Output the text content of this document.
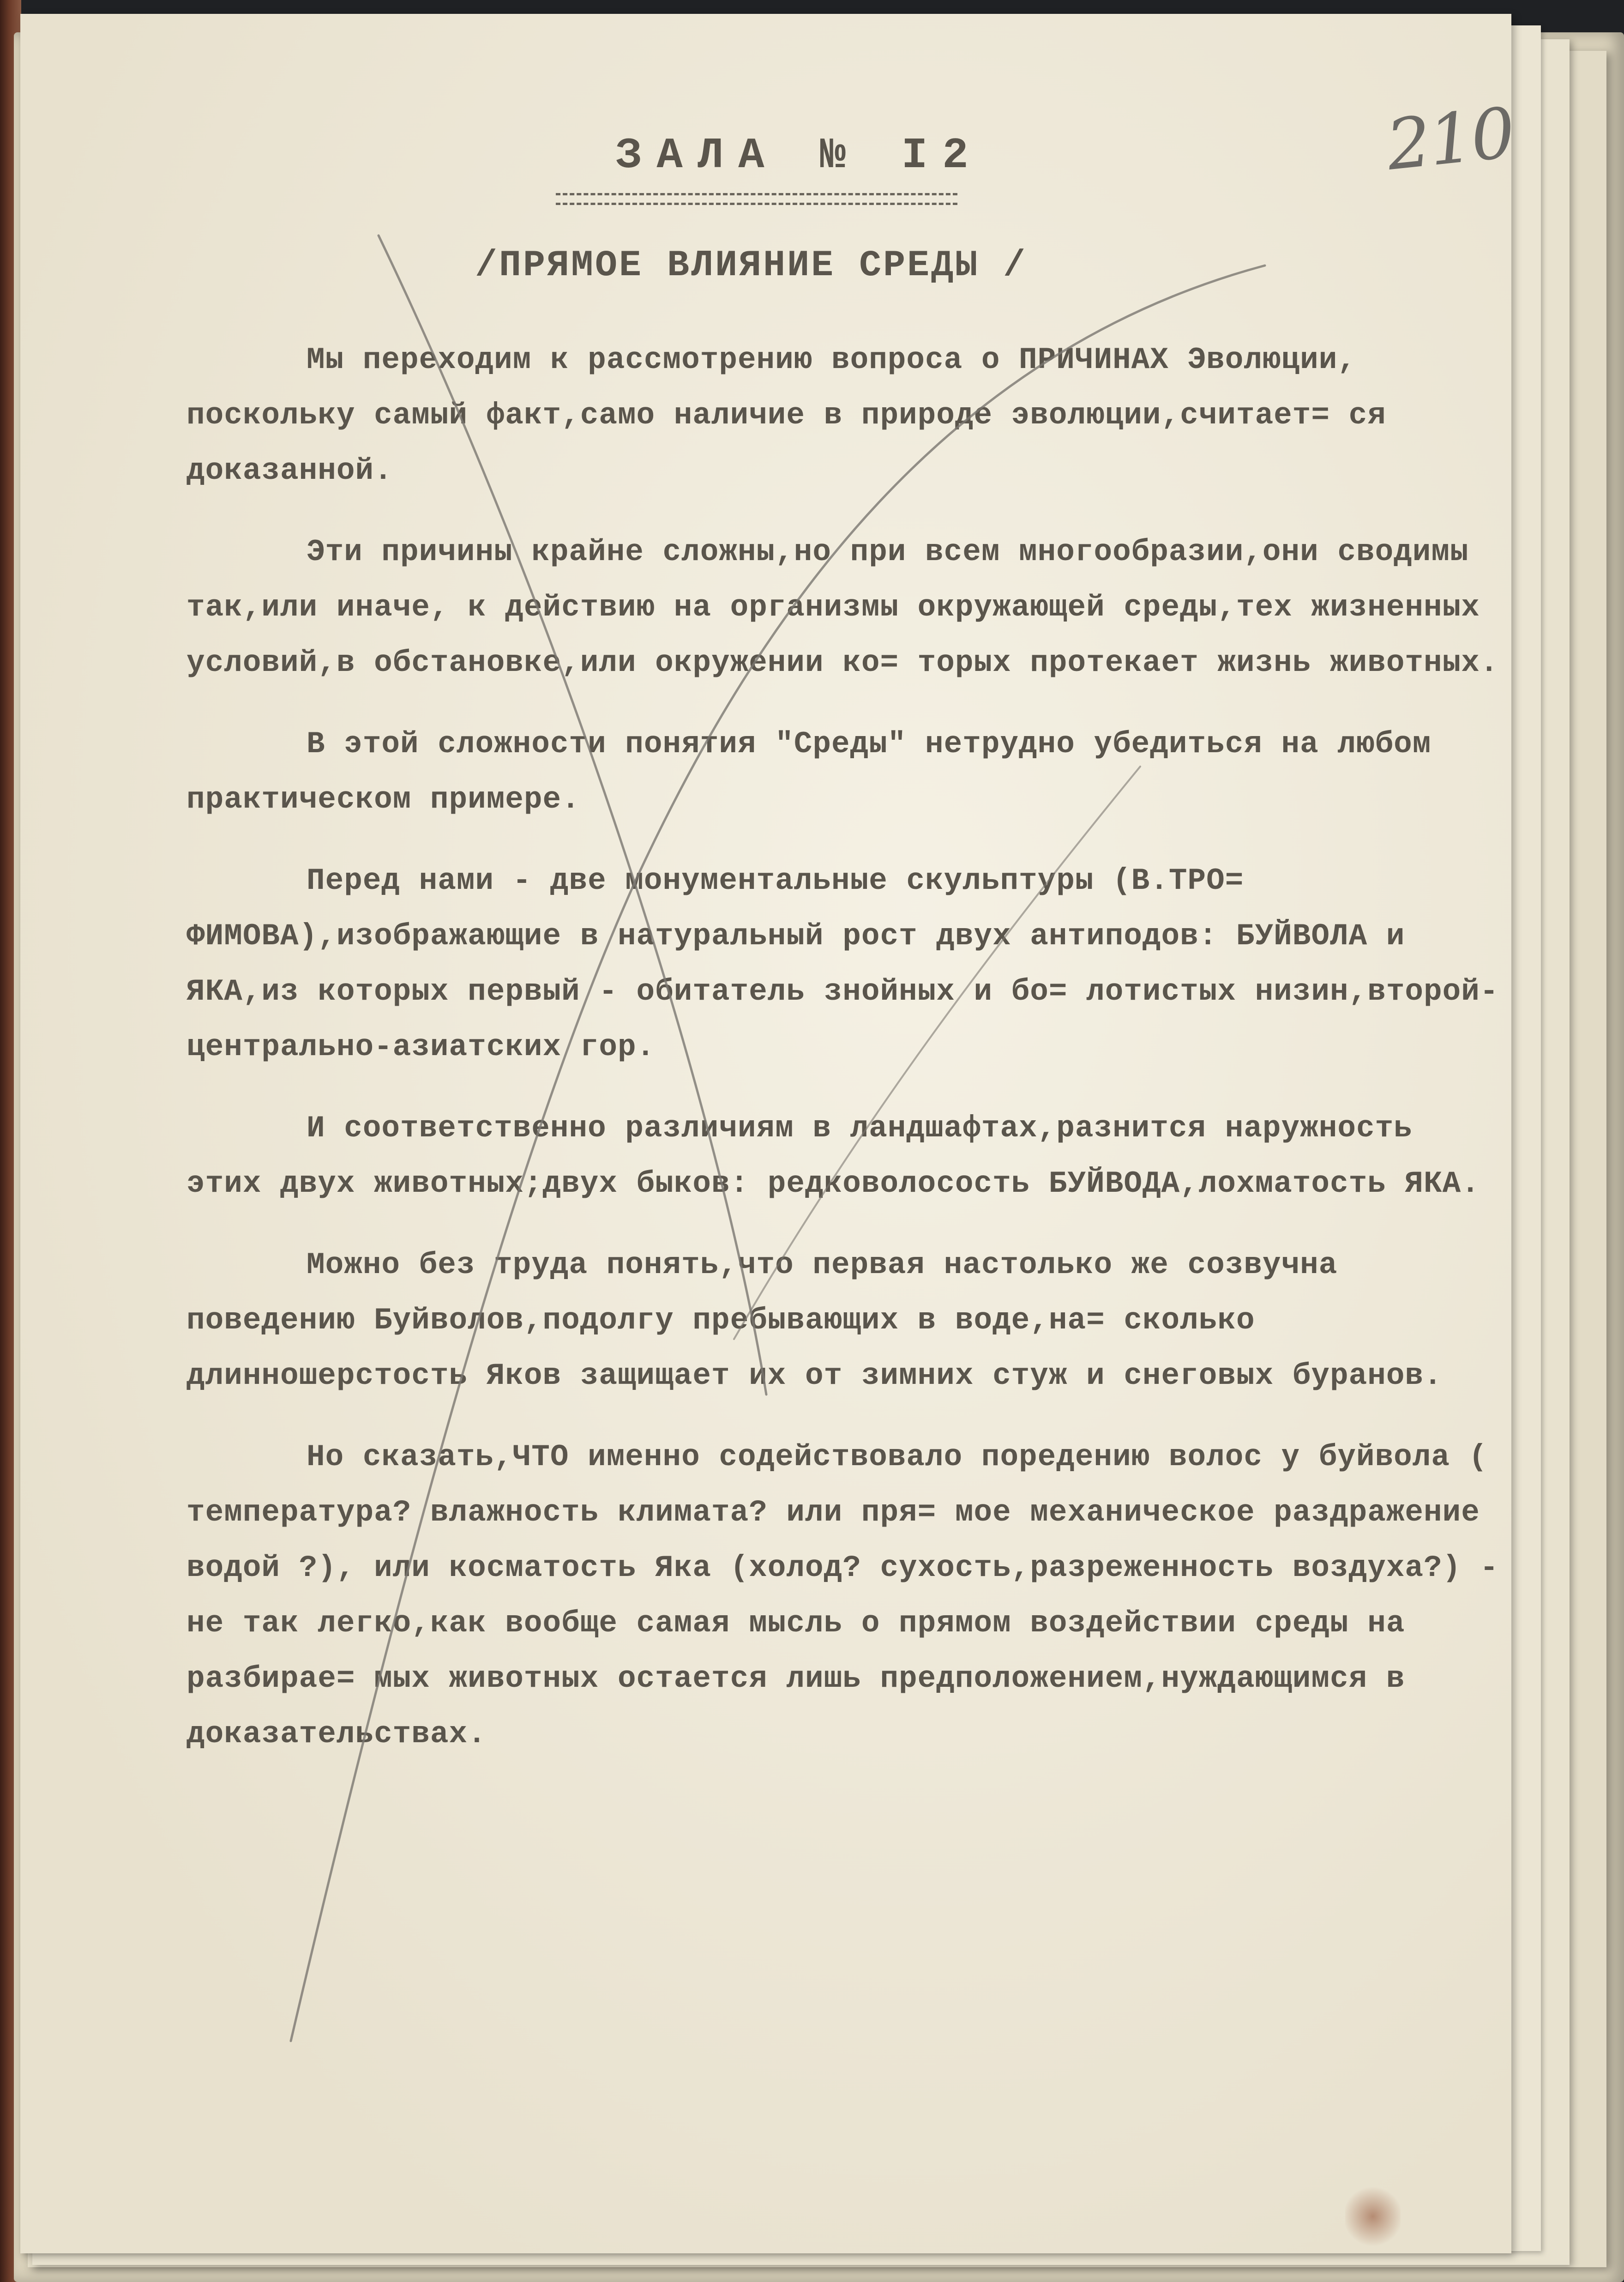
210
ЗАЛА № I2
/ПРЯМОЕ ВЛИЯНИЕ СРЕДЫ /

Мы переходим к рассмотрению вопроса о ПРИЧИНАХ Эволюции, поскольку самый факт,само наличие в природе эволюции,считает= ся доказанной.

Эти причины крайне сложны,но при всем многообразии,они сводимы так,или иначе, к действию на организмы окружающей среды,тех жизненных условий,в обстановке,или окружении ко= торых протекает жизнь животных.

В этой сложности понятия "Среды" нетрудно убедиться на любом практическом примере.

Перед нами - две монументальные скульптуры (В.ТРО= ФИМОВА),изображающие в натуральный рост двух антиподов: БУЙВОЛА и ЯКА,из которых первый - обитатель знойных и бо= лотистых низин,второй- центрально-азиатских гор.

И соответственно различиям в ландшафтах,разнится наружность этих двух животных;двух быков: редковолосость БУЙВОДА,лохматость ЯКА.

Можно без труда понять,что первая настолько же созвучна поведению Буйволов,подолгу пребывающих в воде,на= сколько длинношерстость Яков защищает их от зимних стуж и снеговых буранов.

Но сказать,ЧТО именно содействовало поредению волос у буйвола ( температура? влажность климата? или пря= мое механическое раздражение водой ?), или косматость Яка (холод? сухость,разреженность воздуха?) - не так легко,как вообще самая мысль о прямом воздействии среды на разбирае= мых животных остается лишь предположением,нуждающимся в доказательствах.
